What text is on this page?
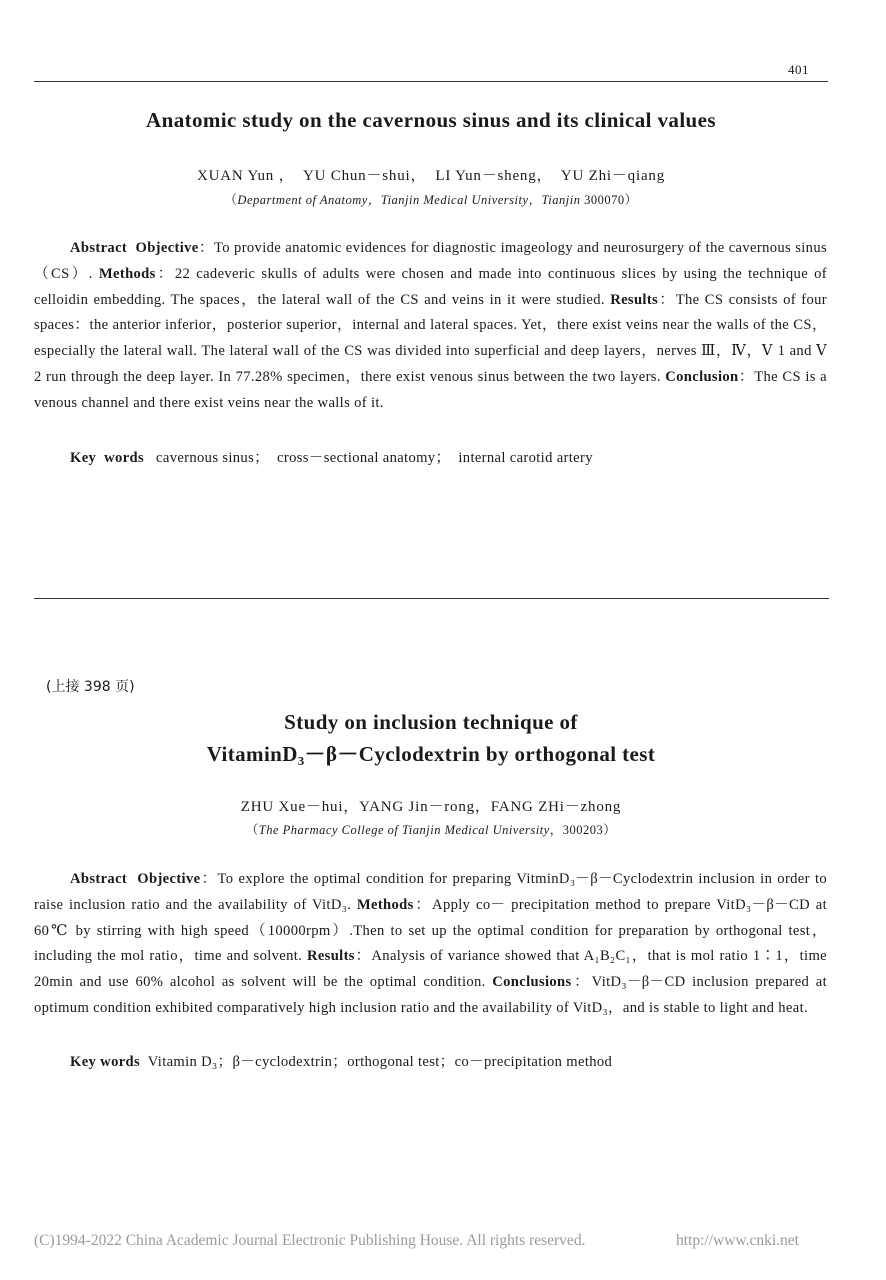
401
Anatomic study on the cavernous sinus and its clinical values
XUAN Yun ，  YU Chun－shui，  LI Yun－sheng，  YU Zhi－qiang
（Department of Anatomy，Tianjin Medical University，Tianjin 300070）

Abstract Objective：To provide anatomic evidences for diagnostic imageology and neurosurgery of the cavernous sinus（CS）. Methods：22 cadeveric skulls of adults were chosen and made into continuous slices by using the technique of celloidin embedding. The spaces，the lateral wall of the CS and veins in it were studied. Results：The CS consists of four spaces：the anterior inferior，posterior superior，internal and lateral spaces. Yet，there exist veins near the walls of the CS，especially the lateral wall. The lateral wall of the CS was divided into superficial and deep layers，nerves Ⅲ，Ⅳ，Ⅴ 1 and Ⅴ 2 run through the deep layer. In 77.28% specimen，there exist venous sinus between the two layers. Conclusion：The CS is a venous channel and there exist veins near the walls of it.

Key  words   cavernous sinus；  cross－sectional anatomy；  internal carotid artery
(上接 398 页)
Study on inclusion technique of
VitaminD₃－β－Cyclodextrin by orthogonal test
ZHU Xue－hui，YANG Jin－rong，FANG ZHi－zhong
（The Pharmacy College of Tianjin Medical University，300203）

Abstract Objective：To explore the optimal condition for preparing VitminD₃－β－Cyclodextrin inclusion in order to raise inclusion ratio and the availability of VitD₃. Methods：Apply co－ precipitation method to prepare VitD₃－β－CD at 60℃ by stirring with high speed（10000rpm）.Then to set up the optimal condition for preparation by orthogonal test，including the mol ratio，time and solvent. Results：Analysis of variance showed that A₁B₂C₁，that is mol ratio 1∶1，time 20min and use 60% alcohol as solvent will be the optimal condition. Conclusions：VitD₃－β－CD inclusion prepared at optimum condition exhibited comparatively high inclusion ratio and the availability of VitD₃，and is stable to light and heat.

Key words  Vitamin D₃；β－cyclodextrin；orthogonal test；co－precipitation method
(C)1994-2022 China Academic Journal Electronic Publishing House. All rights reserved.	http://www.cnki.net
